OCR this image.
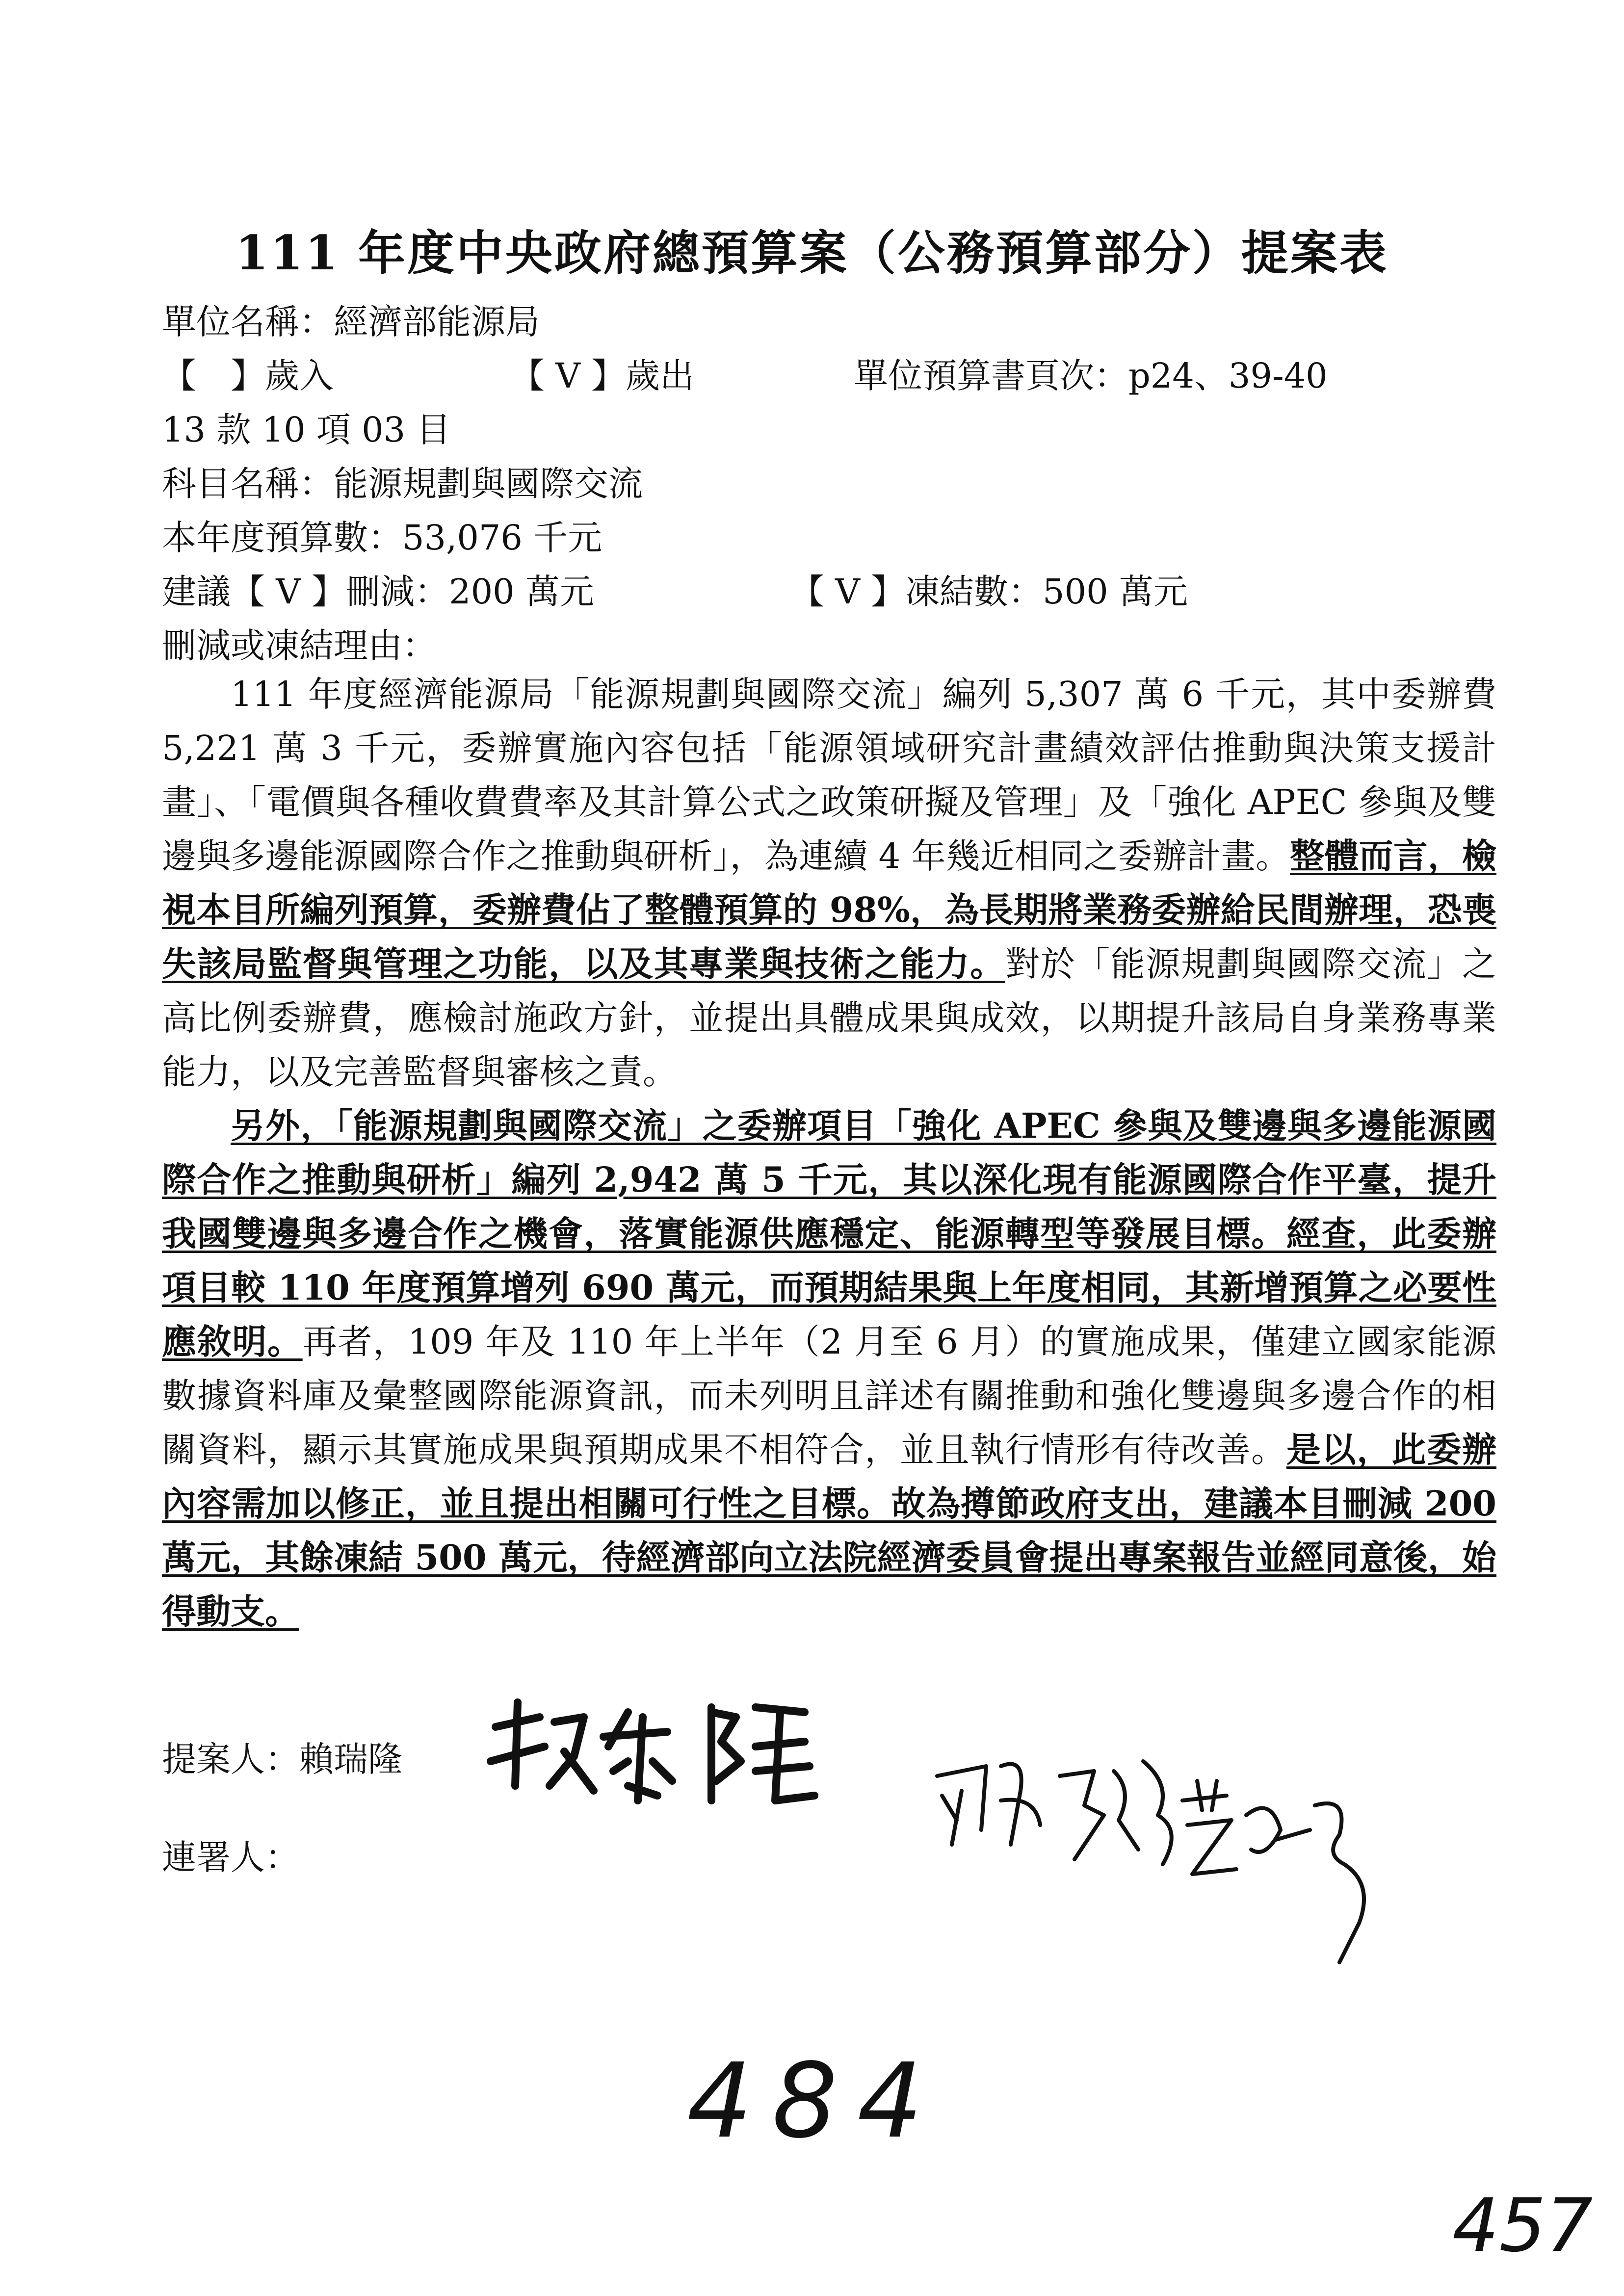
111 年度中央政府總預算案（公務預算部分）提案表
單位名稱：經濟部能源局
【　】歲入	【 V 】歲出	單位預算書頁次：p24、39-40
13 款 10 項 03 目
科目名稱：能源規劃與國際交流
本年度預算數：53,076 千元
建議【 V 】刪減：200 萬元	【 V 】凍結數：500 萬元
刪減或凍結理由：

111 年度經濟能源局「能源規劃與國際交流」編列 5,307 萬 6 千元，其中委辦費 5,221 萬 3 千元，委辦實施內容包括「能源領域研究計畫績效評估推動與決策支援計畫」、「電價與各種收費費率及其計算公式之政策研擬及管理」及「強化 APEC 參與及雙邊與多邊能源國際合作之推動與研析」，為連續 4 年幾近相同之委辦計畫。整體而言，檢視本目所編列預算，委辦費佔了整體預算的 98%，為長期將業務委辦給民間辦理，恐喪失該局監督與管理之功能，以及其專業與技術之能力。對於「能源規劃與國際交流」之高比例委辦費，應檢討施政方針，並提出具體成果與成效，以期提升該局自身業務專業能力，以及完善監督與審核之責。

另外，「能源規劃與國際交流」之委辦項目「強化 APEC 參與及雙邊與多邊能源國際合作之推動與研析」編列 2,942 萬 5 千元，其以深化現有能源國際合作平臺，提升我國雙邊與多邊合作之機會，落實能源供應穩定、能源轉型等發展目標。經查，此委辦項目較 110 年度預算增列 690 萬元，而預期結果與上年度相同，其新增預算之必要性應敘明。再者，109 年及 110 年上半年（2 月至 6 月）的實施成果，僅建立國家能源數據資料庫及彙整國際能源資訊，而未列明且詳述有關推動和強化雙邊與多邊合作的相關資料，顯示其實施成果與預期成果不相符合，並且執行情形有待改善。是以，此委辦內容需加以修正，並且提出相關可行性之目標。故為撙節政府支出，建議本目刪減 200 萬元，其餘凍結 500 萬元，待經濟部向立法院經濟委員會提出專案報告並經同意後，始得動支。

提案人：賴瑞隆
連署人：
484
457
